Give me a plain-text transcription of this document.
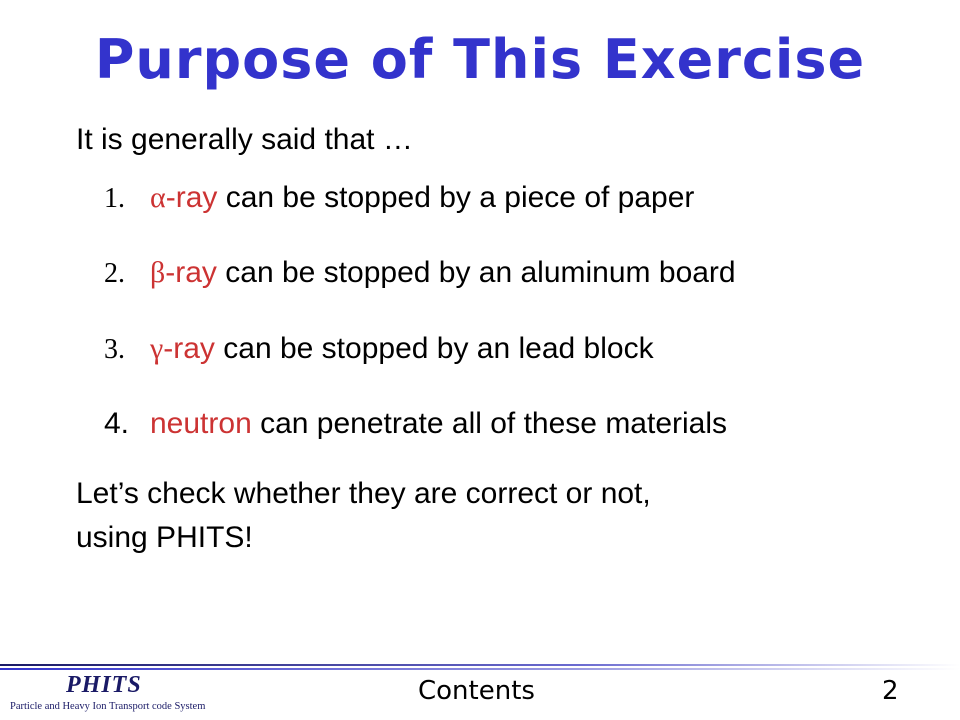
Purpose of This Exercise
It is generally said that …
1. α-ray can be stopped by a piece of paper
2. β-ray can be stopped by an aluminum board
3. γ-ray can be stopped by an lead block
4. neutron can penetrate all of these materials
Let’s check whether they are correct or not,
using PHITS!
PHITS
Particle and Heavy Ion Transport code System
Contents	2
